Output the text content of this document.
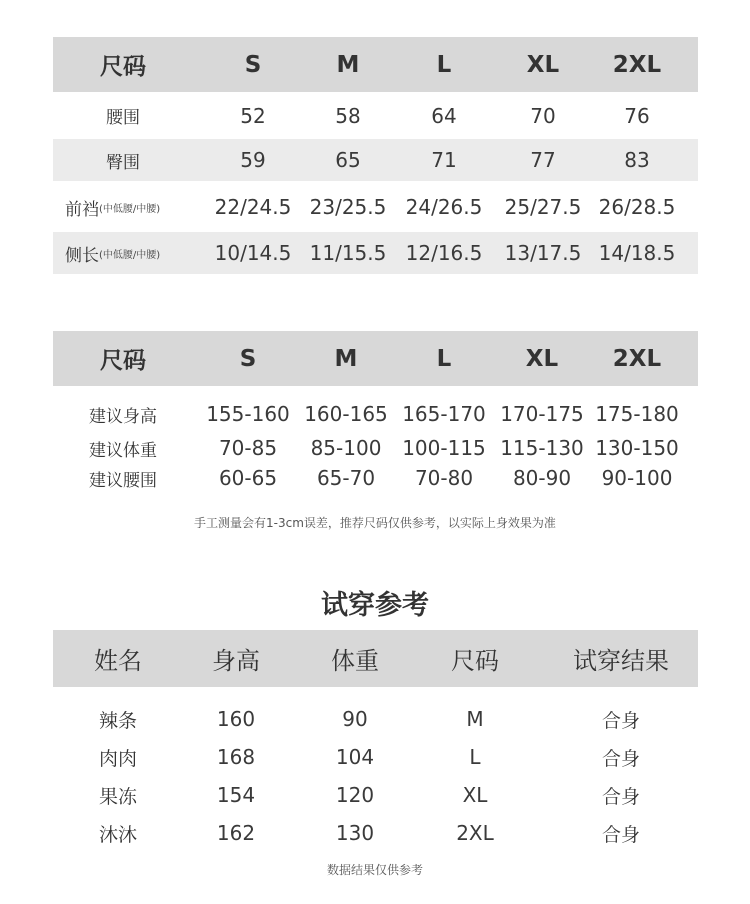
尺码	S	M	L	XL	2XL
腰围	52	58	64	70	76
臀围	59	65	71	77	83
前裆 (中低腰/中腰)	22/24.5 23/25.5 24/26.5	25/27.5 26/28.5
侧长 (中低腰/中腰)	10/14.5 11/15.5 12/16.5	13/17.5 14/18.5
尺码	S	M	L	XL	2XL
建议身高	155-160 160-165 165-170 170-175 175-180
建议体重	70-85	85-100	100-115 115-130 130-150
建议腰围	60-65	65-70	70-80	80-90	90-100
手工测量会有1-3cm误差，推荐尺码仅供参考，以实际上身效果为准
试穿参考
姓名	身高	体重	尺码	试穿结果
辣条	160	90	M	合身
肉肉	168	104	L	合身
果冻	154	120	XL	合身
沐沐	162	130	2XL	合身
数据结果仅供参考
